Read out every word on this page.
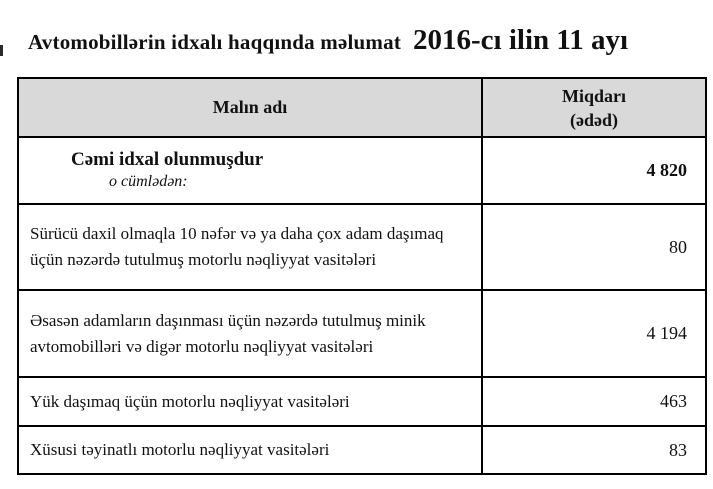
Avtomobillərin idxalı haqqında məlumat 2016-cı ilin 11 ayı
Malın adı
Miqdarı
(ədəd)
Cəmi idxal olunmuşdur
o cümlədən:
4 820
Sürücü daxil olmaqla 10 nəfər və ya daha çox adam daşımaq üçün nəzərdə tutulmuş motorlu nəqliyyat vasitələri
80
Əsasən adamların daşınması üçün nəzərdə tutulmuş minik avtomobilləri və digər motorlu nəqliyyat vasitələri
4 194
Yük daşımaq üçün motorlu nəqliyyat vasitələri	463
Xüsusi təyinatlı motorlu nəqliyyat vasitələri	83
